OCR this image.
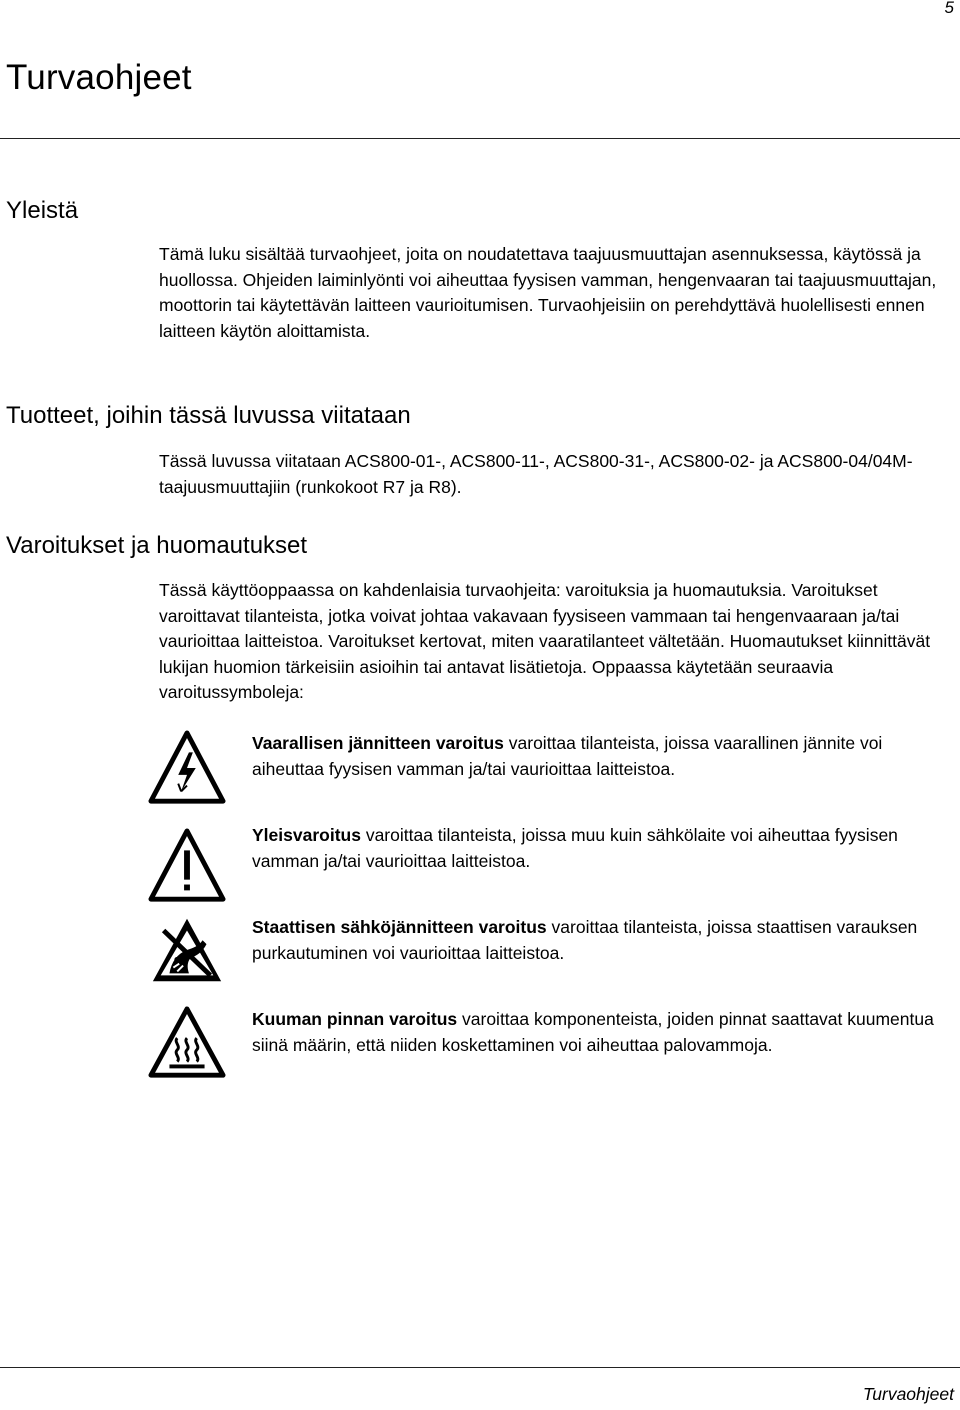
5
Turvaohjeet
Yleistä

Tämä luku sisältää turvaohjeet, joita on noudatettava taajuusmuuttajan asennuksessa, käytössä ja huollossa. Ohjeiden laiminlyönti voi aiheuttaa fyysisen vamman, hengenvaaran tai taajuusmuuttajan, moottorin tai käytettävän laitteen vaurioitumisen. Turvaohjeisiin on perehdyttävä huolellisesti ennen laitteen käytön aloittamista.

Tuotteet, joihin tässä luvussa viitataan

Tässä luvussa viitataan ACS800-01-, ACS800-11-, ACS800-31-, ACS800-02- ja ACS800-04/04M-taajuusmuuttajiin (runkokoot R7 ja R8).

Varoitukset ja huomautukset

Tässä käyttöoppaassa on kahdenlaisia turvaohjeita: varoituksia ja huomautuksia. Varoitukset varoittavat tilanteista, jotka voivat johtaa vakavaan fyysiseen vammaan tai hengenvaaraan ja/tai vaurioittaa laitteistoa. Varoitukset kertovat, miten vaaratilanteet vältetään. Huomautukset kiinnittävät lukijan huomion tärkeisiin asioihin tai antavat lisätietoja. Oppaassa käytetään seuraavia varoitussymboleja:

Vaarallisen jännitteen varoitus varoittaa tilanteista, joissa vaarallinen jännite voi aiheuttaa fyysisen vamman ja/tai vaurioittaa laitteistoa.

Yleisvaroitus varoittaa tilanteista, joissa muu kuin sähkölaite voi aiheuttaa fyysisen vamman ja/tai vaurioittaa laitteistoa.

Staattisen sähköjännitteen varoitus varoittaa tilanteista, joissa staattisen varauksen purkautuminen voi vaurioittaa laitteistoa.

Kuuman pinnan varoitus varoittaa komponenteista, joiden pinnat saattavat kuumentua siinä määrin, että niiden koskettaminen voi aiheuttaa palovammoja.

Turvaohjeet
